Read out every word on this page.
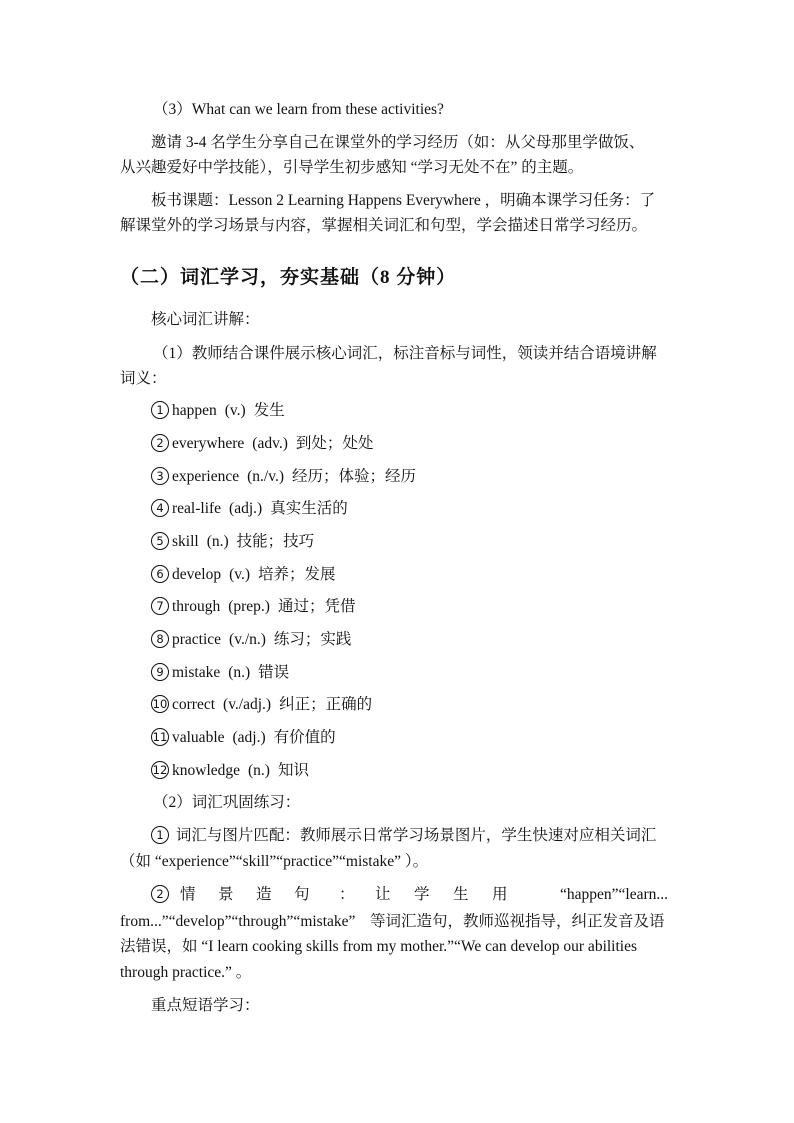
（3）What can we learn from these activities?
邀请 3-4 名学生分享自己在课堂外的学习经历（如：从父母那里学做饭、
从兴趣爱好中学技能），引导学生初步感知 “学习无处不在” 的主题。
板书课题：Lesson 2 Learning Happens Everywhere ，明确本课学习任务：了
解课堂外的学习场景与内容，掌握相关词汇和句型，学会描述日常学习经历。
（二）词汇学习，夯实基础（8 分钟）
核心词汇讲解：
（1）教师结合课件展示核心词汇，标注音标与词性，领读并结合语境讲解
词义：
1 happen (v.) 发生
2 everywhere (adv.) 到处；处处
3 experience (n./v.) 经历；体验；经历
4 real-life (adj.) 真实生活的
5 skill (n.) 技能；技巧
6 develop (v.) 培养；发展
7 through (prep.) 通过；凭借
8 practice (v./n.) 练习；实践
9 mistake (n.) 错误
10 correct (v./adj.) 纠正；正确的
11 valuable (adj.) 有价值的
12 knowledge (n.) 知识
（2）词汇巩固练习：
1 词汇与图片匹配：教师展示日常学习场景图片，学生快速对应相关词汇
（如 “experience”“skill”“practice”“mistake” ）。
2	情 景 造 句 ： 让 学 生 用	“happen”“learn...
from...”“develop”“through”“mistake” 等词汇造句，教师巡视指导，纠正发音及语
法错误，如 “I learn cooking skills from my mother.”“We can develop our abilities
through practice.” 。
重点短语学习：
